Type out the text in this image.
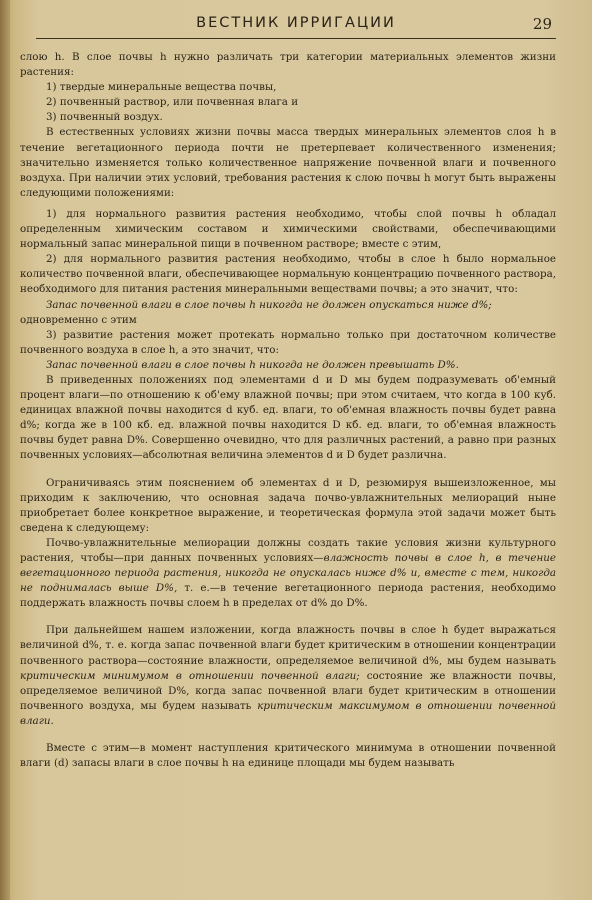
ВЕСТНИК ИРРИГАЦИИ	29

слою h. В слое почвы h нужно различать три категории материальных элементов жизни растения:

1) твердые минеральные вещества почвы,

2) почвенный раствор, или почвенная влага и

3) почвенный воздух.

В естественных условиях жизни почвы масса твердых минеральных элементов слоя h в течение вегетационного периода почти не претерпевает количественного изменения; значительно изменяется только количественное напряжение почвенной влаги и почвенного воздуха. При наличии этих условий, требования растения к слою почвы h могут быть выражены следующими положениями:

1) для нормального развития растения необходимо, чтобы слой почвы h обладал определенным химическим составом и химическими свойствами, обеспечивающими нормальный запас минеральной пищи в почвенном растворе; вместе с этим,

2) для нормального развития растения необходимо, чтобы в слое h было нормальное количество почвенной влаги, обеспечивающее нормальную концентрацию почвенного раствора, необходимого для питания растения минеральными веществами почвы; а это значит, что:

Запас почвенной влаги в слое почвы h никогда не должен опускаться ниже d%;

одновременно с этим

3) развитие растения может протекать нормально только при достаточном количестве почвенного воздуха в слое h, а это значит, что:

Запас почвенной влаги в слое почвы h никогда не должен превышать D%.

В приведенных положениях под элементами d и D мы будем подразумевать об'емный процент влаги—по отношению к об'ему влажной почвы; при этом считаем, что когда в 100 куб. единицах влажной почвы находится d куб. ед. влаги, то об'емная влажность почвы будет равна d%; когда же в 100 кб. ед. влажной почвы находится D кб. ед. влаги, то об'емная влажность почвы будет равна D%. Совершенно очевидно, что для различных растений, а равно при разных почвенных условиях—абсолютная величина элементов d и D будет различна.

Ограничиваясь этим пояснением об элементах d и D, резюмируя вышеизложенное, мы приходим к заключению, что основная задача почво-увлажнительных мелиораций ныне приобретает более конкретное выражение, и теоретическая формула этой задачи может быть сведена к следующему:

Почво-увлажнительные мелиорации должны создать такие условия жизни культурного растения, чтобы—при данных почвенных условиях—влажность почвы в слое h, в течение вегетационного периода растения, никогда не опускалась ниже d% и, вместе с тем, никогда не поднималась выше D%, т. е.—в течение вегетационного периода растения, необходимо поддержать влажность почвы слоем h в пределах от d% до D%.

При дальнейшем нашем изложении, когда влажность почвы в слое h будет выражаться величиной d%, т. е. когда запас почвенной влаги будет критическим в отношении концентрации почвенного раствора—состояние влажности, определяемое величиной d%, мы будем называть критическим минимумом в отношении почвенной влаги; состояние же влажности почвы, определяемое величиной D%, когда запас почвенной влаги будет критическим в отношении почвенного воздуха, мы будем называть критическим максимумом в отношении почвенной влаги.

Вместе с этим—в момент наступления критического минимума в отношении почвенной влаги (d) запасы влаги в слое почвы h на единице площади мы будем называть
